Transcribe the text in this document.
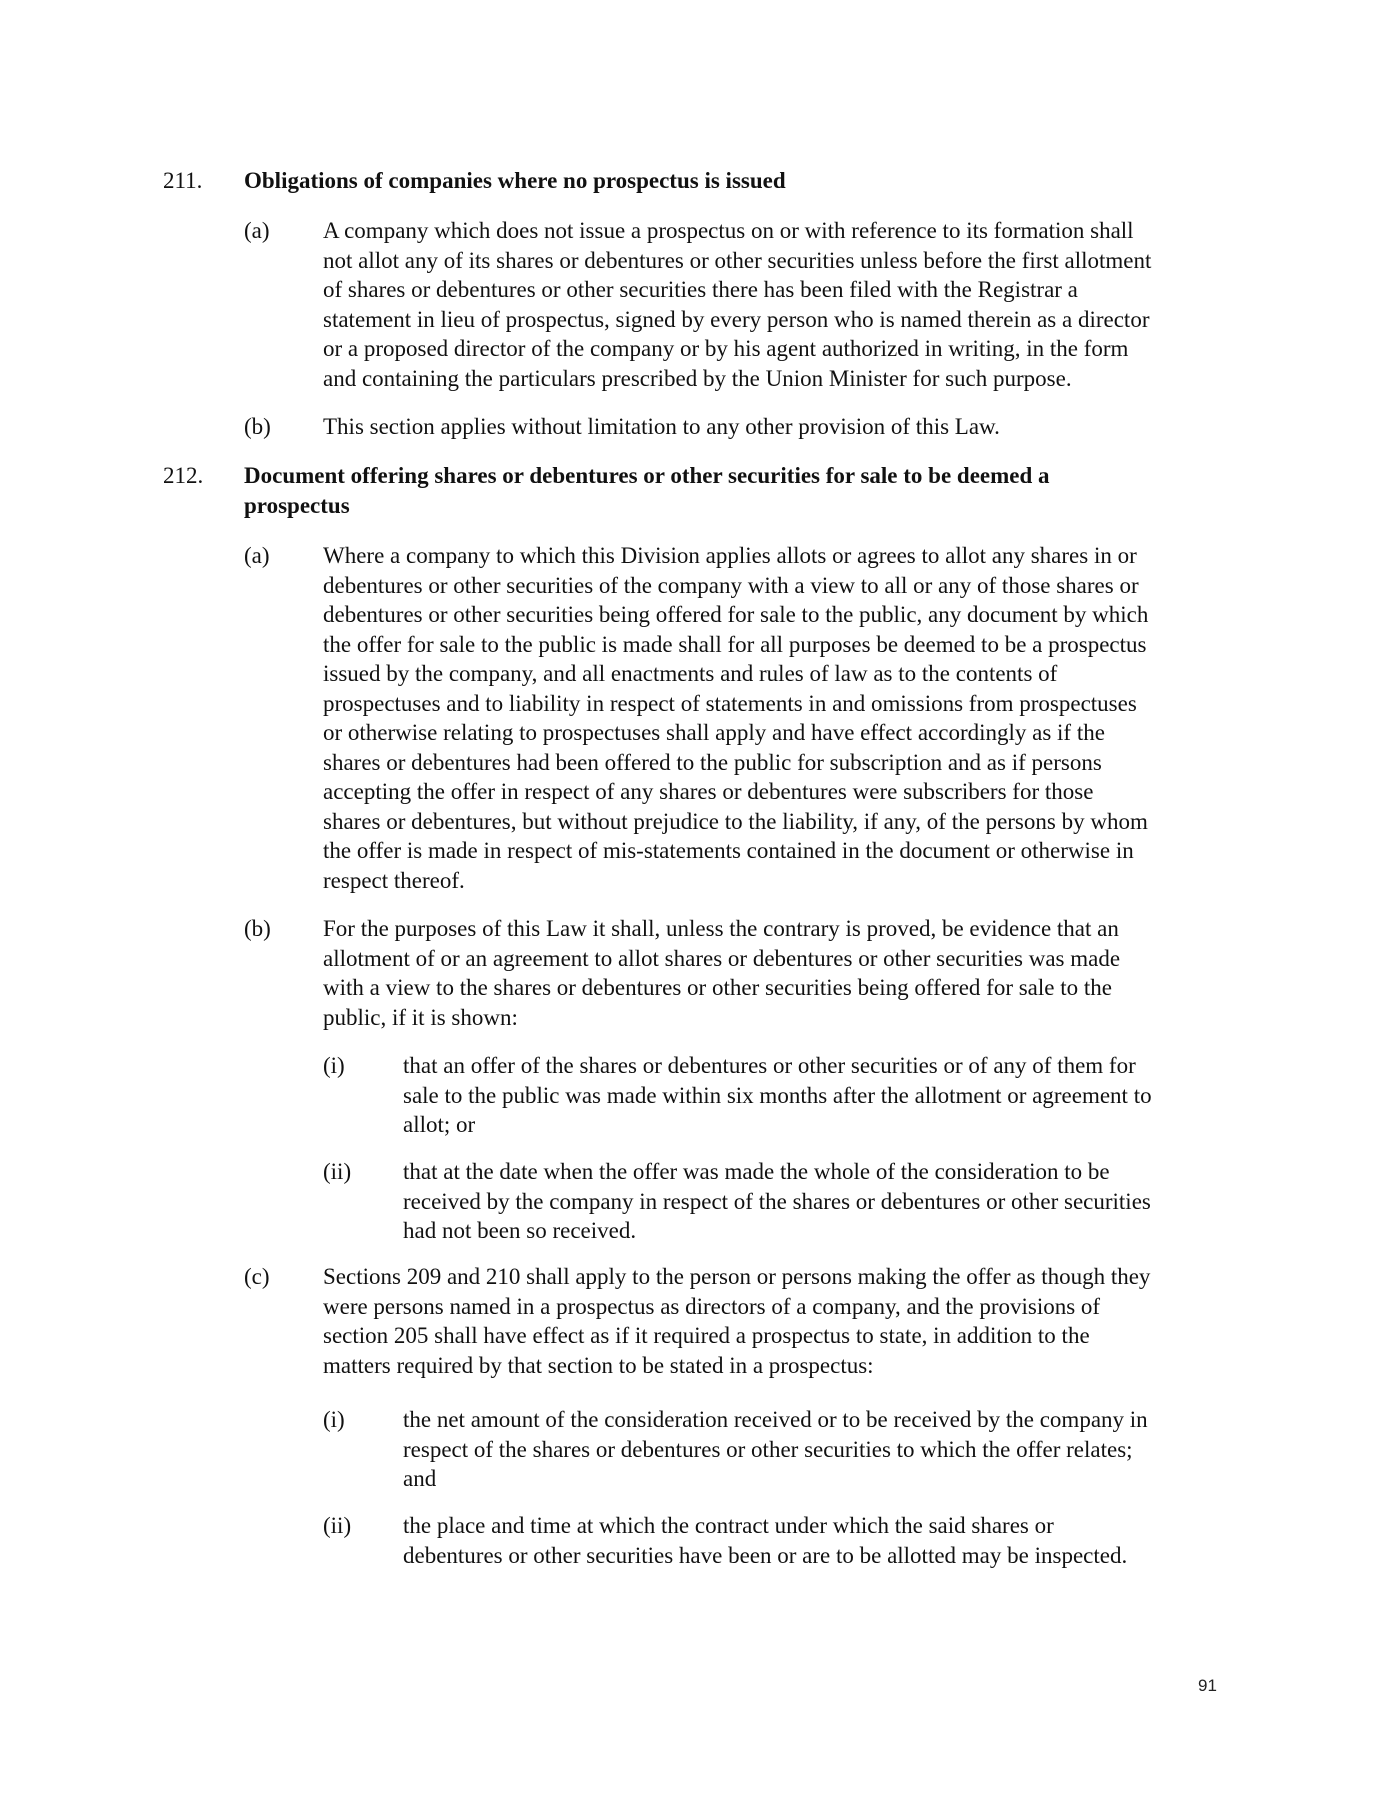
211. Obligations of companies where no prospectus is issued
(a) A company which does not issue a prospectus on or with reference to its formation shall
not allot any of its shares or debentures or other securities unless before the first allotment
of shares or debentures or other securities there has been filed with the Registrar a
statement in lieu of prospectus, signed by every person who is named therein as a director
or a proposed director of the company or by his agent authorized in writing, in the form
and containing the particulars prescribed by the Union Minister for such purpose.
(b) This section applies without limitation to any other provision of this Law.
212. Document offering shares or debentures or other securities for sale to be deemed a
prospectus
(a) Where a company to which this Division applies allots or agrees to allot any shares in or
debentures or other securities of the company with a view to all or any of those shares or
debentures or other securities being offered for sale to the public, any document by which
the offer for sale to the public is made shall for all purposes be deemed to be a prospectus
issued by the company, and all enactments and rules of law as to the contents of
prospectuses and to liability in respect of statements in and omissions from prospectuses
or otherwise relating to prospectuses shall apply and have effect accordingly as if the
shares or debentures had been offered to the public for subscription and as if persons
accepting the offer in respect of any shares or debentures were subscribers for those
shares or debentures, but without prejudice to the liability, if any, of the persons by whom
the offer is made in respect of mis-statements contained in the document or otherwise in
respect thereof.
(b) For the purposes of this Law it shall, unless the contrary is proved, be evidence that an
allotment of or an agreement to allot shares or debentures or other securities was made
with a view to the shares or debentures or other securities being offered for sale to the
public, if it is shown:
(i)	that an offer of the shares or debentures or other securities or of any of them for
sale to the public was made within six months after the allotment or agreement to
allot; or
(ii) that at the date when the offer was made the whole of the consideration to be
received by the company in respect of the shares or debentures or other securities
had not been so received.
(c) Sections 209 and 210 shall apply to the person or persons making the offer as though they
were persons named in a prospectus as directors of a company, and the provisions of
section 205 shall have effect as if it required a prospectus to state, in addition to the
matters required by that section to be stated in a prospectus:
(i)	the net amount of the consideration received or to be received by the company in
respect of the shares or debentures or other securities to which the offer relates;
and
(ii) the place and time at which the contract under which the said shares or
debentures or other securities have been or are to be allotted may be inspected.
91
